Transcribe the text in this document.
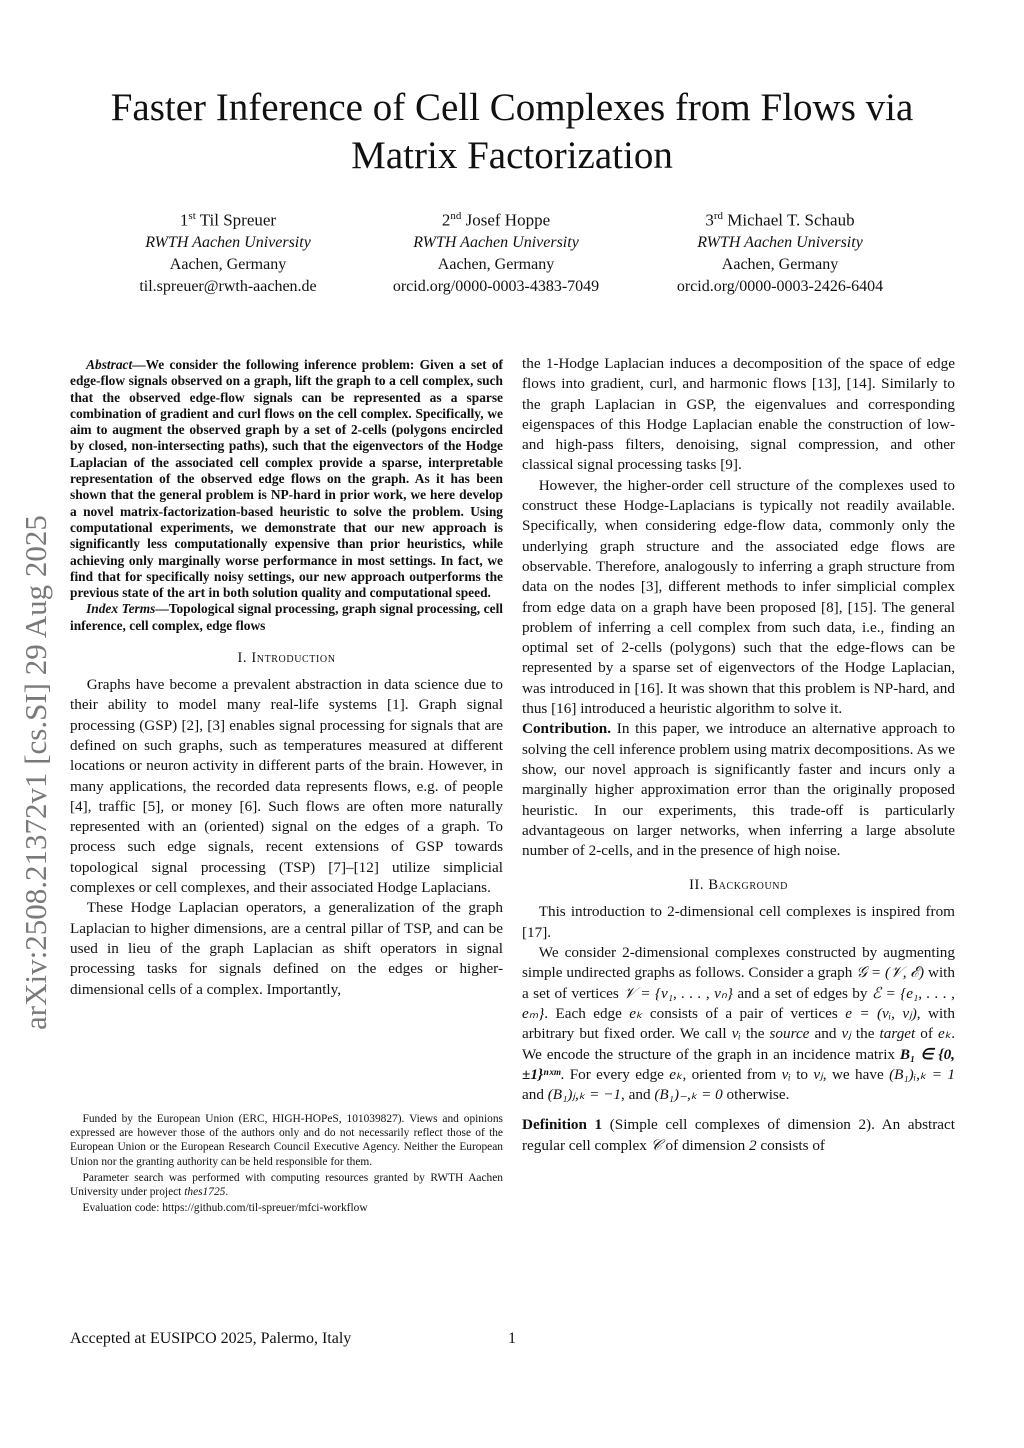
Faster Inference of Cell Complexes from Flows via Matrix Factorization
1st Til Spreuer
RWTH Aachen University
Aachen, Germany
til.spreuer@rwth-aachen.de
2nd Josef Hoppe
RWTH Aachen University
Aachen, Germany
orcid.org/0000-0003-4383-7049
3rd Michael T. Schaub
RWTH Aachen University
Aachen, Germany
orcid.org/0000-0003-2426-6404
arXiv:2508.21372v1 [cs.SI] 29 Aug 2025

Abstract—We consider the following inference problem: Given a set of edge-flow signals observed on a graph, lift the graph to a cell complex, such that the observed edge-flow signals can be represented as a sparse combination of gradient and curl flows on the cell complex. Specifically, we aim to augment the observed graph by a set of 2-cells (polygons encircled by closed, non-intersecting paths), such that the eigenvectors of the Hodge Laplacian of the associated cell complex provide a sparse, interpretable representation of the observed edge flows on the graph. As it has been shown that the general problem is NP-hard in prior work, we here develop a novel matrix-factorization-based heuristic to solve the problem. Using computational experiments, we demonstrate that our new approach is significantly less computationally expensive than prior heuristics, while achieving only marginally worse performance in most settings. In fact, we find that for specifically noisy settings, our new approach outperforms the previous state of the art in both solution quality and computational speed.

Index Terms—Topological signal processing, graph signal processing, cell inference, cell complex, edge flows

I. Introduction

Graphs have become a prevalent abstraction in data science due to their ability to model many real-life systems [1]. Graph signal processing (GSP) [2], [3] enables signal processing for signals that are defined on such graphs, such as temperatures measured at different locations or neuron activity in different parts of the brain. However, in many applications, the recorded data represents flows, e.g. of people [4], traffic [5], or money [6]. Such flows are often more naturally represented with an (oriented) signal on the edges of a graph. To process such edge signals, recent extensions of GSP towards topological signal processing (TSP) [7]–[12] utilize simplicial complexes or cell complexes, and their associated Hodge Laplacians.

These Hodge Laplacian operators, a generalization of the graph Laplacian to higher dimensions, are a central pillar of TSP, and can be used in lieu of the graph Laplacian as shift operators in signal processing tasks for signals defined on the edges or higher-dimensional cells of a complex. Importantly,

Funded by the European Union (ERC, HIGH-HOPeS, 101039827). Views and opinions expressed are however those of the authors only and do not necessarily reflect those of the European Union or the European Research Council Executive Agency. Neither the European Union nor the granting authority can be held responsible for them.

Parameter search was performed with computing resources granted by RWTH Aachen University under project thes1725.

Evaluation code: https://github.com/til-spreuer/mfci-workflow

the 1-Hodge Laplacian induces a decomposition of the space of edge flows into gradient, curl, and harmonic flows [13], [14]. Similarly to the graph Laplacian in GSP, the eigenvalues and corresponding eigenspaces of this Hodge Laplacian enable the construction of low- and high-pass filters, denoising, signal compression, and other classical signal processing tasks [9].

However, the higher-order cell structure of the complexes used to construct these Hodge-Laplacians is typically not readily available. Specifically, when considering edge-flow data, commonly only the underlying graph structure and the associated edge flows are observable. Therefore, analogously to inferring a graph structure from data on the nodes [3], different methods to infer simplicial complex from edge data on a graph have been proposed [8], [15]. The general problem of inferring a cell complex from such data, i.e., finding an optimal set of 2-cells (polygons) such that the edge-flows can be represented by a sparse set of eigenvectors of the Hodge Laplacian, was introduced in [16]. It was shown that this problem is NP-hard, and thus [16] introduced a heuristic algorithm to solve it.

Contribution. In this paper, we introduce an alternative approach to solving the cell inference problem using matrix decompositions. As we show, our novel approach is significantly faster and incurs only a marginally higher approximation error than the originally proposed heuristic. In our experiments, this trade-off is particularly advantageous on larger networks, when inferring a large absolute number of 2-cells, and in the presence of high noise.

II. Background

This introduction to 2-dimensional cell complexes is inspired from [17].

We consider 2-dimensional complexes constructed by augmenting simple undirected graphs as follows. Consider a graph 𝒢 = (𝒱, ℰ) with a set of vertices 𝒱 = {v₁, . . . , vₙ} and a set of edges by ℰ = {e₁, . . . , eₘ}. Each edge eₖ consists of a pair of vertices e = (vᵢ, vⱼ), with arbitrary but fixed order. We call vᵢ the source and vⱼ the target of eₖ. We encode the structure of the graph in an incidence matrix B₁ ∈ {0, ±1}ⁿˣᵐ. For every edge eₖ, oriented from vᵢ to vⱼ, we have (B₁)ᵢ,ₖ = 1 and (B₁)ⱼ,ₖ = −1, and (B₁)₋,ₖ = 0 otherwise.

Definition 1 (Simple cell complexes of dimension 2). An abstract regular cell complex 𝒞 of dimension 2 consists of

Accepted at EUSIPCO 2025, Palermo, Italy	1
